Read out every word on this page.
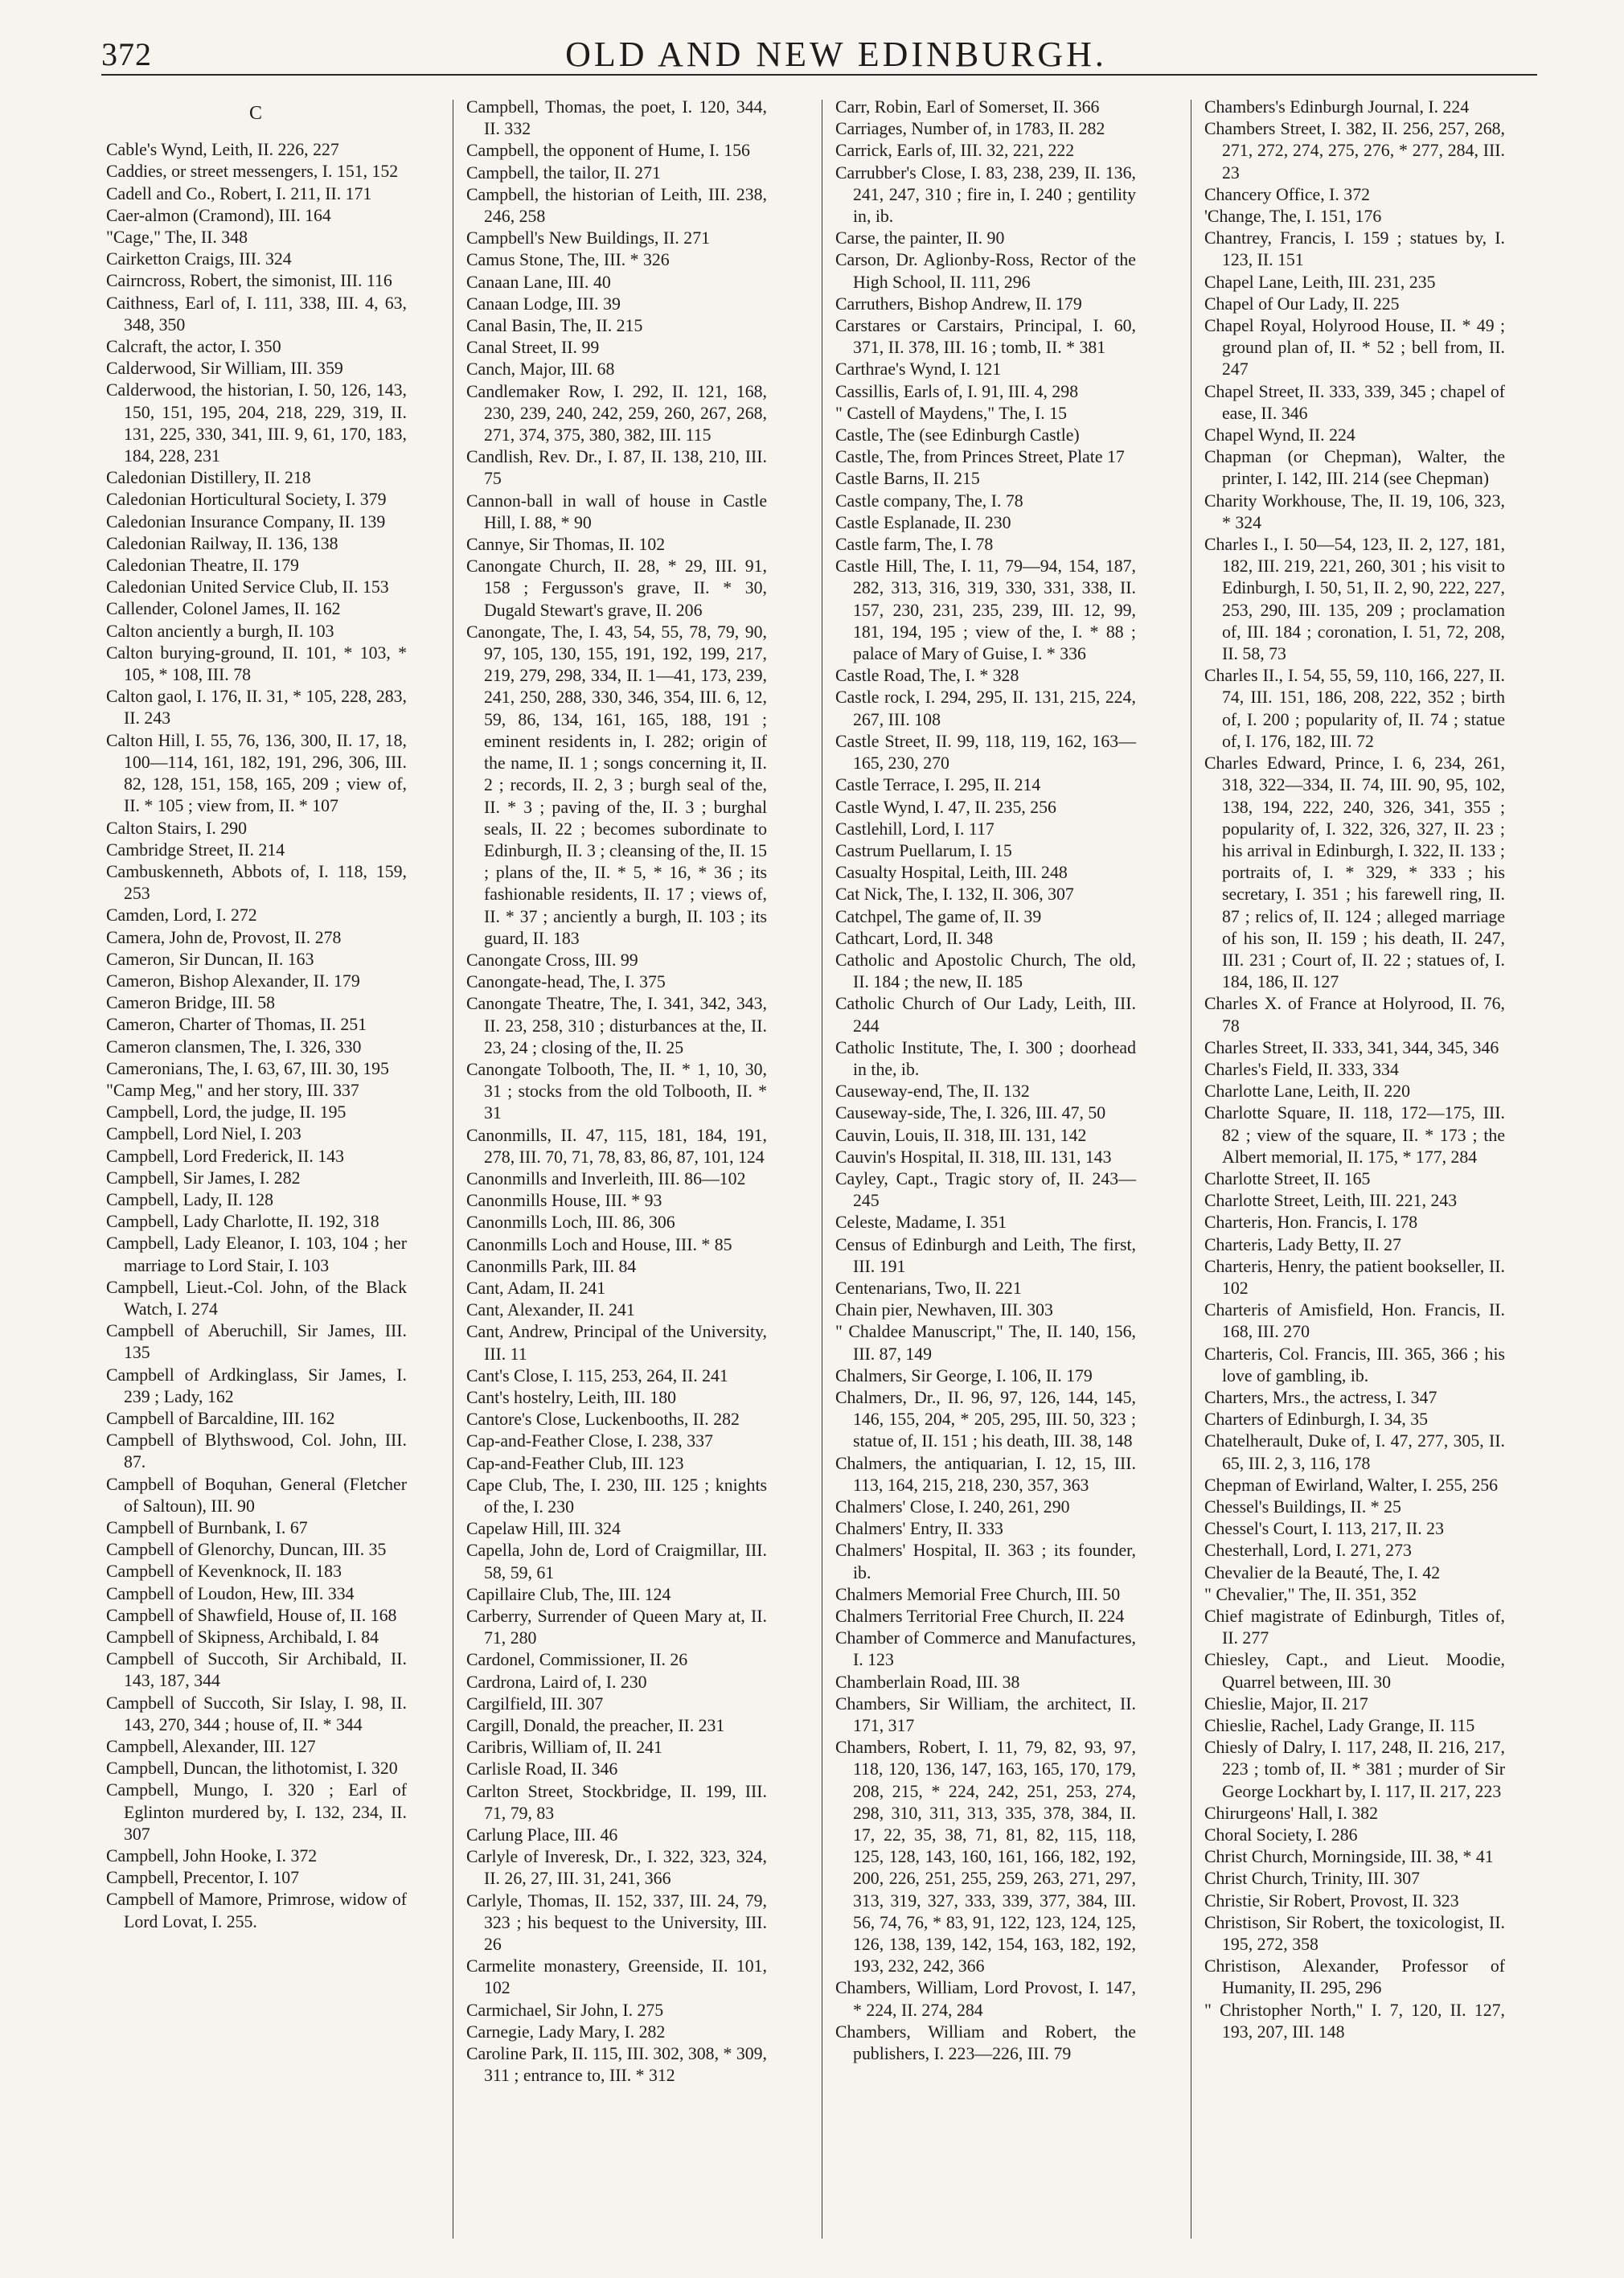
372	OLD AND NEW EDINBURGH.
C
Cable's Wynd, Leith, II. 226, 227
Caddies, or street messengers, I. 151, 152
Cadell and Co., Robert, I. 211, II. 171
Caer-almon (Cramond), III. 164
"Cage," The, II. 348
Cairketton Craigs, III. 324
Cairncross, Robert, the simonist, III. 116
Caithness, Earl of, I. 111, 338, III. 4, 63, 348, 350
Calcraft, the actor, I. 350
Calderwood, Sir William, III. 359
Calderwood, the historian, I. 50, 126, 143, 150, 151, 195, 204, 218, 229, 319, II. 131, 225, 330, 341, III. 9, 61, 170, 183, 184, 228, 231
Caledonian Distillery, II. 218
Caledonian Horticultural Society, I. 379
Caledonian Insurance Company, II. 139
Caledonian Railway, II. 136, 138
Caledonian Theatre, II. 179
Caledonian United Service Club, II. 153
Callender, Colonel James, II. 162
Calton anciently a burgh, II. 103
Calton burying-ground, II. 101, * 103, * 105, * 108, III. 78
Calton gaol, I. 176, II. 31, * 105, 228, 283, II. 243
Calton Hill, I. 55, 76, 136, 300, II. 17, 18, 100—114, 161, 182, 191, 296, 306, III. 82, 128, 151, 158, 165, 209 ; view of, II. * 105 ; view from, II. * 107
Calton Stairs, I. 290
Cambridge Street, II. 214
Cambuskenneth, Abbots of, I. 118, 159, 253
Camden, Lord, I. 272
Camera, John de, Provost, II. 278
Cameron, Sir Duncan, II. 163
Cameron, Bishop Alexander, II. 179
Cameron Bridge, III. 58
Cameron, Charter of Thomas, II. 251
Cameron clansmen, The, I. 326, 330
Cameronians, The, I. 63, 67, III. 30, 195
"Camp Meg," and her story, III. 337
Campbell, Lord, the judge, II. 195
Campbell, Lord Niel, I. 203
Campbell, Lord Frederick, II. 143
Campbell, Sir James, I. 282
Campbell, Lady, II. 128
Campbell, Lady Charlotte, II. 192, 318
Campbell, Lady Eleanor, I. 103, 104 ; her marriage to Lord Stair, I. 103
Campbell, Lieut.-Col. John, of the Black Watch, I. 274
Campbell of Aberuchill, Sir James, III. 135
Campbell of Ardkinglass, Sir James, I. 239 ; Lady, 162
Campbell of Barcaldine, III. 162
Campbell of Blythswood, Col. John, III. 87.
Campbell of Boquhan, General (Fletcher of Saltoun), III. 90
Campbell of Burnbank, I. 67
Campbell of Glenorchy, Duncan, III. 35
Campbell of Kevenknock, II. 183
Campbell of Loudon, Hew, III. 334
Campbell of Shawfield, House of, II. 168
Campbell of Skipness, Archibald, I. 84
Campbell of Succoth, Sir Archibald, II. 143, 187, 344
Campbell of Succoth, Sir Islay, I. 98, II. 143, 270, 344 ; house of, II. * 344
Campbell, Alexander, III. 127
Campbell, Duncan, the lithotomist, I. 320
Campbell, Mungo, I. 320 ; Earl of Eglinton murdered by, I. 132, 234, II. 307
Campbell, John Hooke, I. 372
Campbell, Precentor, I. 107
Campbell of Mamore, Primrose, widow of Lord Lovat, I. 255.
Campbell, Thomas, the poet, I. 120, 344, II. 332
Campbell, the opponent of Hume, I. 156
Campbell, the tailor, II. 271
Campbell, the historian of Leith, III. 238, 246, 258
Campbell's New Buildings, II. 271
Camus Stone, The, III. * 326
Canaan Lane, III. 40
Canaan Lodge, III. 39
Canal Basin, The, II. 215
Canal Street, II. 99
Canch, Major, III. 68
Candlemaker Row, I. 292, II. 121, 168, 230, 239, 240, 242, 259, 260, 267, 268, 271, 374, 375, 380, 382, III. 115
Candlish, Rev. Dr., I. 87, II. 138, 210, III. 75
Cannon-ball in wall of house in Castle Hill, I. 88, * 90
Cannye, Sir Thomas, II. 102
Canongate Church, II. 28, * 29, III. 91, 158 ; Fergusson's grave, II. * 30, Dugald Stewart's grave, II. 206
Canongate, The, I. 43, 54, 55, 78, 79, 90, 97, 105, 130, 155, 191, 192, 199, 217, 219, 279, 298, 334, II. 1—41, 173, 239, 241, 250, 288, 330, 346, 354, III. 6, 12, 59, 86, 134, 161, 165, 188, 191 ; eminent residents in, I. 282; origin of the name, II. 1 ; songs concerning it, II. 2 ; records, II. 2, 3 ; burgh seal of the, II. * 3 ; paving of the, II. 3 ; burghal seals, II. 22 ; becomes subordinate to Edinburgh, II. 3 ; cleansing of the, II. 15 ; plans of the, II. * 5, * 16, * 36 ; its fashionable residents, II. 17 ; views of, II. * 37 ; anciently a burgh, II. 103 ; its guard, II. 183
Canongate Cross, III. 99
Canongate-head, The, I. 375
Canongate Theatre, The, I. 341, 342, 343, II. 23, 258, 310 ; disturbances at the, II. 23, 24 ; closing of the, II. 25
Canongate Tolbooth, The, II. * 1, 10, 30, 31 ; stocks from the old Tolbooth, II. * 31
Canonmills, II. 47, 115, 181, 184, 191, 278, III. 70, 71, 78, 83, 86, 87, 101, 124
Canonmills and Inverleith, III. 86—102
Canonmills House, III. * 93
Canonmills Loch, III. 86, 306
Canonmills Loch and House, III. * 85
Canonmills Park, III. 84
Cant, Adam, II. 241
Cant, Alexander, II. 241
Cant, Andrew, Principal of the University, III. 11
Cant's Close, I. 115, 253, 264, II. 241
Cant's hostelry, Leith, III. 180
Cantore's Close, Luckenbooths, II. 282
Cap-and-Feather Close, I. 238, 337
Cap-and-Feather Club, III. 123
Cape Club, The, I. 230, III. 125 ; knights of the, I. 230
Capelaw Hill, III. 324
Capella, John de, Lord of Craigmillar, III. 58, 59, 61
Capillaire Club, The, III. 124
Carberry, Surrender of Queen Mary at, II. 71, 280
Cardonel, Commissioner, II. 26
Cardrona, Laird of, I. 230
Cargilfield, III. 307
Cargill, Donald, the preacher, II. 231
Caribris, William of, II. 241
Carlisle Road, II. 346
Carlton Street, Stockbridge, II. 199, III. 71, 79, 83
Carlung Place, III. 46
Carlyle of Inveresk, Dr., I. 322, 323, 324, II. 26, 27, III. 31, 241, 366
Carlyle, Thomas, II. 152, 337, III. 24, 79, 323 ; his bequest to the University, III. 26
Carmelite monastery, Greenside, II. 101, 102
Carmichael, Sir John, I. 275
Carnegie, Lady Mary, I. 282
Caroline Park, II. 115, III. 302, 308, * 309, 311 ; entrance to, III. * 312
Carr, Robin, Earl of Somerset, II. 366
Carriages, Number of, in 1783, II. 282
Carrick, Earls of, III. 32, 221, 222
Carrubber's Close, I. 83, 238, 239, II. 136, 241, 247, 310 ; fire in, I. 240 ; gentility in, ib.
Carse, the painter, II. 90
Carson, Dr. Aglionby-Ross, Rector of the High School, II. 111, 296
Carruthers, Bishop Andrew, II. 179
Carstares or Carstairs, Principal, I. 60, 371, II. 378, III. 16 ; tomb, II. * 381
Carthrae's Wynd, I. 121
Cassillis, Earls of, I. 91, III. 4, 298
" Castell of Maydens," The, I. 15
Castle, The (see Edinburgh Castle)
Castle, The, from Princes Street, Plate 17
Castle Barns, II. 215
Castle company, The, I. 78
Castle Esplanade, II. 230
Castle farm, The, I. 78
Castle Hill, The, I. 11, 79—94, 154, 187, 282, 313, 316, 319, 330, 331, 338, II. 157, 230, 231, 235, 239, III. 12, 99, 181, 194, 195 ; view of the, I. * 88 ; palace of Mary of Guise, I. * 336
Castle Road, The, I. * 328
Castle rock, I. 294, 295, II. 131, 215, 224, 267, III. 108
Castle Street, II. 99, 118, 119, 162, 163—165, 230, 270
Castle Terrace, I. 295, II. 214
Castle Wynd, I. 47, II. 235, 256
Castlehill, Lord, I. 117
Castrum Puellarum, I. 15
Casualty Hospital, Leith, III. 248
Cat Nick, The, I. 132, II. 306, 307
Catchpel, The game of, II. 39
Cathcart, Lord, II. 348
Catholic and Apostolic Church, The old, II. 184 ; the new, II. 185
Catholic Church of Our Lady, Leith, III. 244
Catholic Institute, The, I. 300 ; doorhead in the, ib.
Causeway-end, The, II. 132
Causeway-side, The, I. 326, III. 47, 50
Cauvin, Louis, II. 318, III. 131, 142
Cauvin's Hospital, II. 318, III. 131, 143
Cayley, Capt., Tragic story of, II. 243—245
Celeste, Madame, I. 351
Census of Edinburgh and Leith, The first, III. 191
Centenarians, Two, II. 221
Chain pier, Newhaven, III. 303
" Chaldee Manuscript," The, II. 140, 156, III. 87, 149
Chalmers, Sir George, I. 106, II. 179
Chalmers, Dr., II. 96, 97, 126, 144, 145, 146, 155, 204, * 205, 295, III. 50, 323 ; statue of, II. 151 ; his death, III. 38, 148
Chalmers, the antiquarian, I. 12, 15, III. 113, 164, 215, 218, 230, 357, 363
Chalmers' Close, I. 240, 261, 290
Chalmers' Entry, II. 333
Chalmers' Hospital, II. 363 ; its founder, ib.
Chalmers Memorial Free Church, III. 50
Chalmers Territorial Free Church, II. 224
Chamber of Commerce and Manufactures, I. 123
Chamberlain Road, III. 38
Chambers, Sir William, the architect, II. 171, 317
Chambers, Robert, I. 11, 79, 82, 93, 97, 118, 120, 136, 147, 163, 165, 170, 179, 208, 215, * 224, 242, 251, 253, 274, 298, 310, 311, 313, 335, 378, 384, II. 17, 22, 35, 38, 71, 81, 82, 115, 118, 125, 128, 143, 160, 161, 166, 182, 192, 200, 226, 251, 255, 259, 263, 271, 297, 313, 319, 327, 333, 339, 377, 384, III. 56, 74, 76, * 83, 91, 122, 123, 124, 125, 126, 138, 139, 142, 154, 163, 182, 192, 193, 232, 242, 366
Chambers, William, Lord Provost, I. 147, * 224, II. 274, 284
Chambers, William and Robert, the publishers, I. 223—226, III. 79
Chambers's Edinburgh Journal, I. 224
Chambers Street, I. 382, II. 256, 257, 268, 271, 272, 274, 275, 276, * 277, 284, III. 23
Chancery Office, I. 372
'Change, The, I. 151, 176
Chantrey, Francis, I. 159 ; statues by, I. 123, II. 151
Chapel Lane, Leith, III. 231, 235
Chapel of Our Lady, II. 225
Chapel Royal, Holyrood House, II. * 49 ; ground plan of, II. * 52 ; bell from, II. 247
Chapel Street, II. 333, 339, 345 ; chapel of ease, II. 346
Chapel Wynd, II. 224
Chapman (or Chepman), Walter, the printer, I. 142, III. 214 (see Chepman)
Charity Workhouse, The, II. 19, 106, 323, * 324
Charles I., I. 50—54, 123, II. 2, 127, 181, 182, III. 219, 221, 260, 301 ; his visit to Edinburgh, I. 50, 51, II. 2, 90, 222, 227, 253, 290, III. 135, 209 ; proclamation of, III. 184 ; coronation, I. 51, 72, 208, II. 58, 73
Charles II., I. 54, 55, 59, 110, 166, 227, II. 74, III. 151, 186, 208, 222, 352 ; birth of, I. 200 ; popularity of, II. 74 ; statue of, I. 176, 182, III. 72
Charles Edward, Prince, I. 6, 234, 261, 318, 322—334, II. 74, III. 90, 95, 102, 138, 194, 222, 240, 326, 341, 355 ; popularity of, I. 322, 326, 327, II. 23 ; his arrival in Edinburgh, I. 322, II. 133 ; portraits of, I. * 329, * 333 ; his secretary, I. 351 ; his farewell ring, II. 87 ; relics of, II. 124 ; alleged marriage of his son, II. 159 ; his death, II. 247, III. 231 ; Court of, II. 22 ; statues of, I. 184, 186, II. 127
Charles X. of France at Holyrood, II. 76, 78
Charles Street, II. 333, 341, 344, 345, 346
Charles's Field, II. 333, 334
Charlotte Lane, Leith, II. 220
Charlotte Square, II. 118, 172—175, III. 82 ; view of the square, II. * 173 ; the Albert memorial, II. 175, * 177, 284
Charlotte Street, II. 165
Charlotte Street, Leith, III. 221, 243
Charteris, Hon. Francis, I. 178
Charteris, Lady Betty, II. 27
Charteris, Henry, the patient bookseller, II. 102
Charteris of Amisfield, Hon. Francis, II. 168, III. 270
Charteris, Col. Francis, III. 365, 366 ; his love of gambling, ib.
Charters, Mrs., the actress, I. 347
Charters of Edinburgh, I. 34, 35
Chatelherault, Duke of, I. 47, 277, 305, II. 65, III. 2, 3, 116, 178
Chepman of Ewirland, Walter, I. 255, 256
Chessel's Buildings, II. * 25
Chessel's Court, I. 113, 217, II. 23
Chesterhall, Lord, I. 271, 273
Chevalier de la Beauté, The, I. 42
" Chevalier," The, II. 351, 352
Chief magistrate of Edinburgh, Titles of, II. 277
Chiesley, Capt., and Lieut. Moodie, Quarrel between, III. 30
Chieslie, Major, II. 217
Chieslie, Rachel, Lady Grange, II. 115
Chiesly of Dalry, I. 117, 248, II. 216, 217, 223 ; tomb of, II. * 381 ; murder of Sir George Lockhart by, I. 117, II. 217, 223
Chirurgeons' Hall, I. 382
Choral Society, I. 286
Christ Church, Morningside, III. 38, * 41
Christ Church, Trinity, III. 307
Christie, Sir Robert, Provost, II. 323
Christison, Sir Robert, the toxicologist, II. 195, 272, 358
Christison, Alexander, Professor of Humanity, II. 295, 296
" Christopher North," I. 7, 120, II. 127, 193, 207, III. 148
